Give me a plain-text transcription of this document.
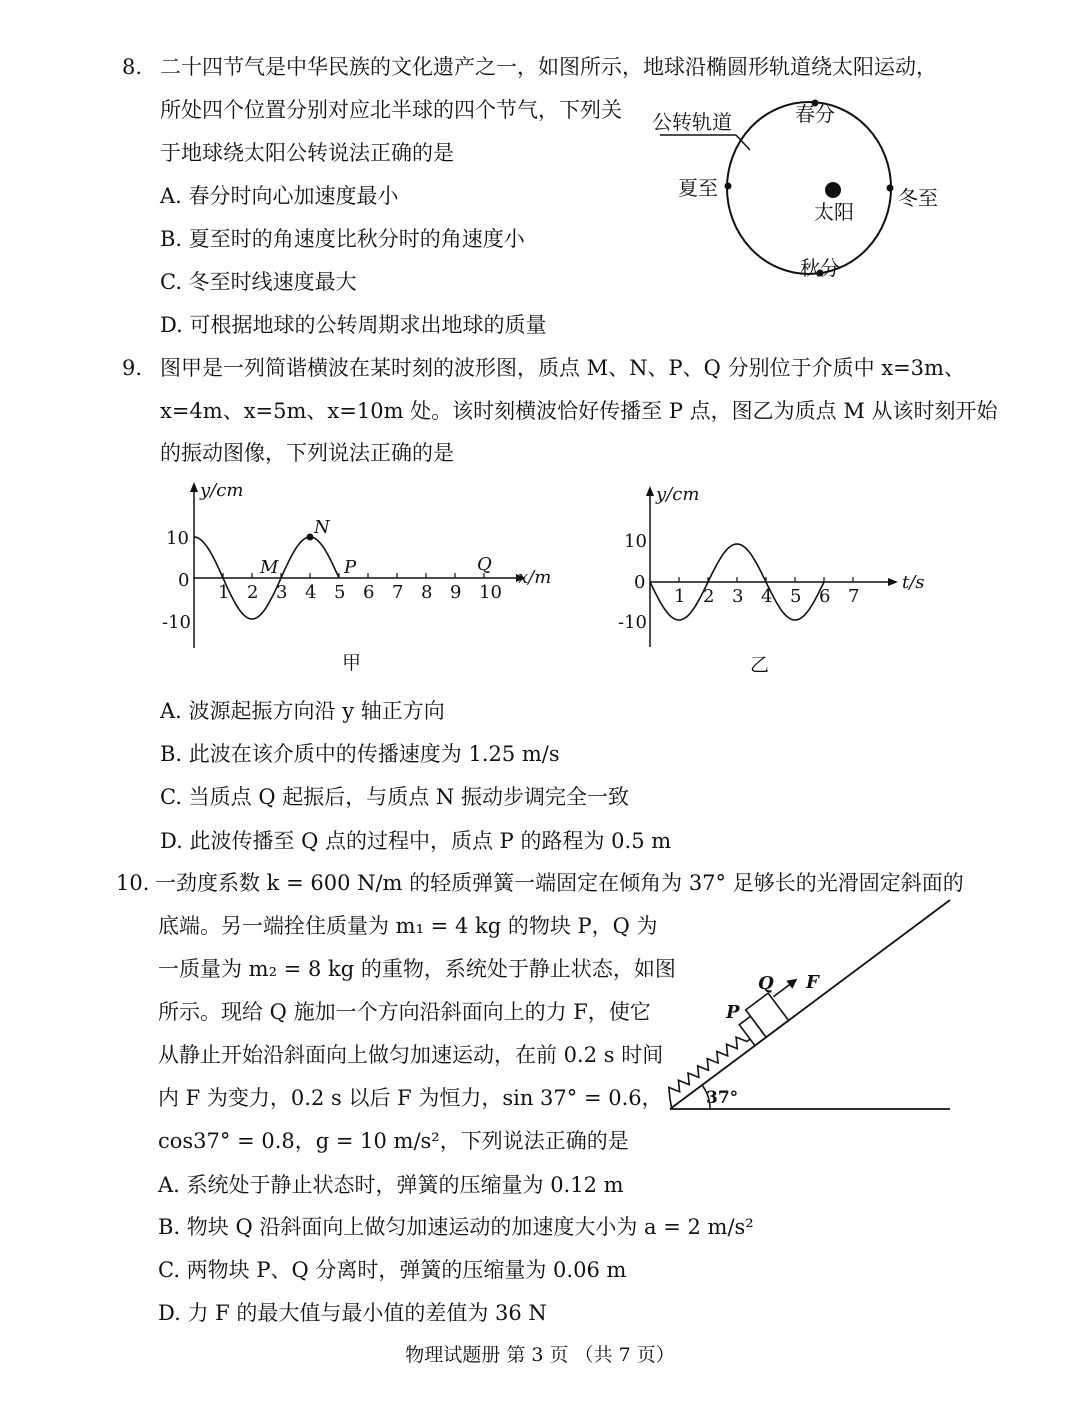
8. 二十四节气是中华民族的文化遗产之一，如图所示，地球沿椭圆形轨道绕太阳运动，
所处四个位置分别对应北半球的四个节气，下列关
于地球绕太阳公转说法正确的是
A. 春分时向心加速度最小
B. 夏至时的角速度比秋分时的角速度小
C. 冬至时线速度最大
D. 可根据地球的公转周期求出地球的质量
公转轨道
太阳
春分
夏至	冬至
秋分
9. 图甲是一列简谐横波在某时刻的波形图，质点 M、N、P、Q 分别位于介质中 x=3m、
x=4m、x=5m、x=10m 处。该时刻横波恰好传播至 P 点，图乙为质点 M 从该时刻开始
的振动图像，下列说法正确的是
y/cm
x/m
10
0
-10
1 2 3 4 5 6 7 8 9 10
N
M	P	Q
甲
y/cm
t/s
10
0
-10
1 2 3 4 5 6 7
乙
A. 波源起振方向沿 y 轴正方向
B. 此波在该介质中的传播速度为 1.25 m/s
C. 当质点 Q 起振后，与质点 N 振动步调完全一致
D. 此波传播至 Q 点的过程中，质点 P 的路程为 0.5 m
10. 一劲度系数 k = 600 N/m 的轻质弹簧一端固定在倾角为 37° 足够长的光滑固定斜面的
底端。另一端拴住质量为 m₁ = 4 kg 的物块 P，Q 为
一质量为 m₂ = 8 kg 的重物，系统处于静止状态，如图
所示。现给 Q 施加一个方向沿斜面向上的力 F，使它
从静止开始沿斜面向上做匀加速运动，在前 0.2 s 时间
内 F 为变力，0.2 s 以后 F 为恒力，sin 37° = 0.6，
cos37° = 0.8，g = 10 m/s²，下列说法正确的是
37°
P
Q F
A. 系统处于静止状态时，弹簧的压缩量为 0.12 m
B. 物块 Q 沿斜面向上做匀加速运动的加速度大小为 a = 2 m/s²
C. 两物块 P、Q 分离时，弹簧的压缩量为 0.06 m
D. 力 F 的最大值与最小值的差值为 36 N
物理试题册 第 3 页 （共 7 页）
